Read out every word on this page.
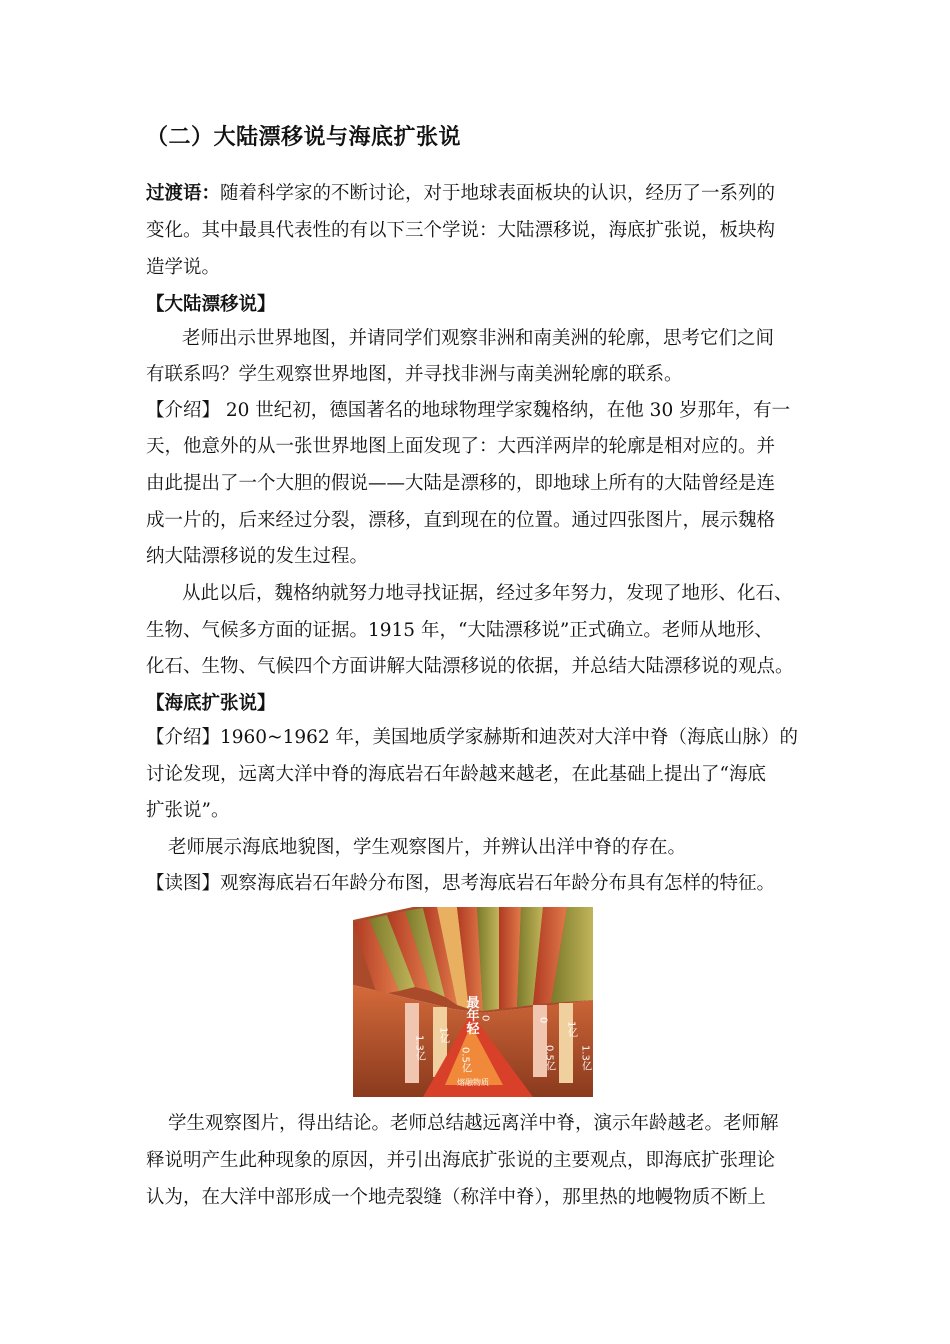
（二）大陆漂移说与海底扩张说
过渡语：随着科学家的不断讨论，对于地球表面板块的认识，经历了一系列的
变化。其中最具代表性的有以下三个学说：大陆漂移说，海底扩张说，板块构
造学说。
【大陆漂移说】
老师出示世界地图，并请同学们观察非洲和南美洲的轮廓，思考它们之间
有联系吗？学生观察世界地图，并寻找非洲与南美洲轮廓的联系。
【介绍】 20 世纪初，德国著名的地球物理学家魏格纳，在他 30 岁那年，有一
天，他意外的从一张世界地图上面发现了：大西洋两岸的轮廓是相对应的。并
由此提出了一个大胆的假说——大陆是漂移的，即地球上所有的大陆曾经是连
成一片的，后来经过分裂，漂移，直到现在的位置。通过四张图片，展示魏格
纳大陆漂移说的发生过程。
从此以后，魏格纳就努力地寻找证据，经过多年努力，发现了地形、化石、
生物、气候多方面的证据。1915 年，“大陆漂移说”正式确立。老师从地形、
化石、生物、气候四个方面讲解大陆漂移说的依据，并总结大陆漂移说的观点。
【海底扩张说】
【介绍】1960~1962 年，美国地质学家赫斯和迪茨对大洋中脊（海底山脉）的
讨论发现，远离大洋中脊的海底岩石年龄越来越老，在此基础上提出了“海底
扩张说”。
老师展示海底地貌图，学生观察图片，并辨认出洋中脊的存在。
【读图】观察海底岩石年龄分布图，思考海底岩石年龄分布具有怎样的特征。
熔融物质
最年轻
1.3亿 1亿
0.5亿
0	0
0.5亿
1亿
1.3亿
学生观察图片，得出结论。老师总结越远离洋中脊，演示年龄越老。老师解
释说明产生此种现象的原因，并引出海底扩张说的主要观点，即海底扩张理论
认为，在大洋中部形成一个地壳裂缝（称洋中脊），那里热的地幔物质不断上
